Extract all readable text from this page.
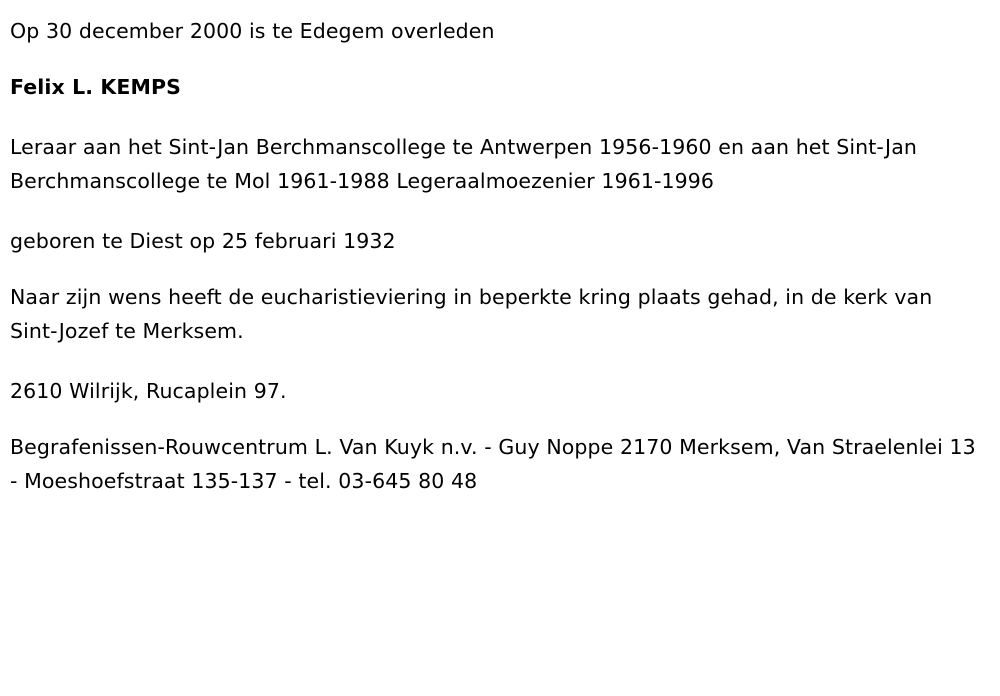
Op 30 december 2000 is te Edegem overleden

Felix L. KEMPS

Leraar aan het Sint-Jan Berchmanscollege te Antwerpen 1956-1960 en aan het Sint-Jan Berchmanscollege te Mol 1961-1988 Legeraalmoezenier 1961-1996

geboren te Diest op 25 februari 1932

Naar zijn wens heeft de eucharistieviering in beperkte kring plaats gehad, in de kerk van Sint-Jozef te Merksem.

2610 Wilrijk, Rucaplein 97.

Begrafenissen-Rouwcentrum L. Van Kuyk n.v. - Guy Noppe 2170 Merksem, Van Straelenlei 13 - Moeshoefstraat 135-137 - tel. 03-645 80 48
